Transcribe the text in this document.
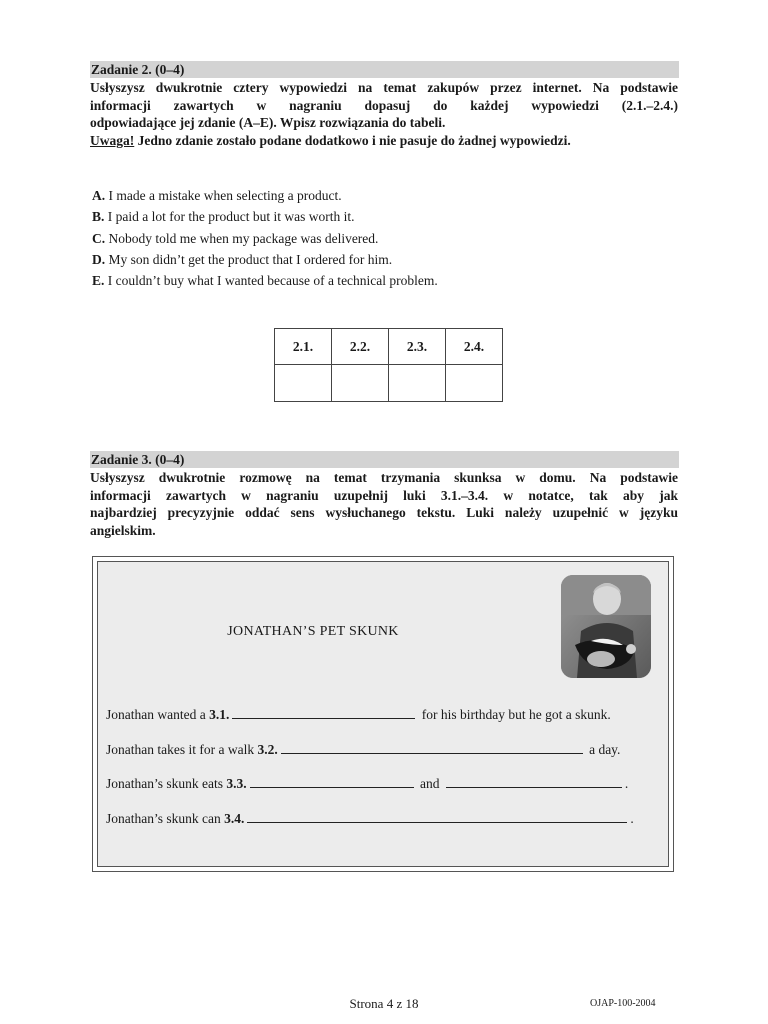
Zadanie 2. (0–4)
Usłyszysz dwukrotnie cztery wypowiedzi na temat zakupów przez internet. Na podstawie
informacji zawartych w nagraniu dopasuj do każdej wypowiedzi (2.1.–2.4.)
odpowiadające jej zdanie (A–E). Wpisz rozwiązania do tabeli.
Uwaga! Jedno zdanie zostało podane dodatkowo i nie pasuje do żadnej wypowiedzi.
A. I made a mistake when selecting a product.
B. I paid a lot for the product but it was worth it.
C. Nobody told me when my package was delivered.
D. My son didn’t get the product that I ordered for him.
E. I couldn’t buy what I wanted because of a technical problem.
2.1.	2.2.	2.3.	2.4.

Zadanie 3. (0–4)
Usłyszysz dwukrotnie rozmowę na temat trzymania skunksa w domu. Na podstawie
informacji zawartych w nagraniu uzupełnij luki 3.1.–3.4. w notatce, tak aby jak
najbardziej precyzyjnie oddać sens wysłuchanego tekstu. Luki należy uzupełnić w języku
angielskim.
JONATHAN’S PET SKUNK
Jonathan wanted a 3.1.	for his birthday but he got a skunk.
Jonathan takes it for a walk 3.2.	a day.
Jonathan’s skunk eats 3.3.	and	.
Jonathan’s skunk can 3.4.	.
Strona 4 z 18	OJAP-100-2004
